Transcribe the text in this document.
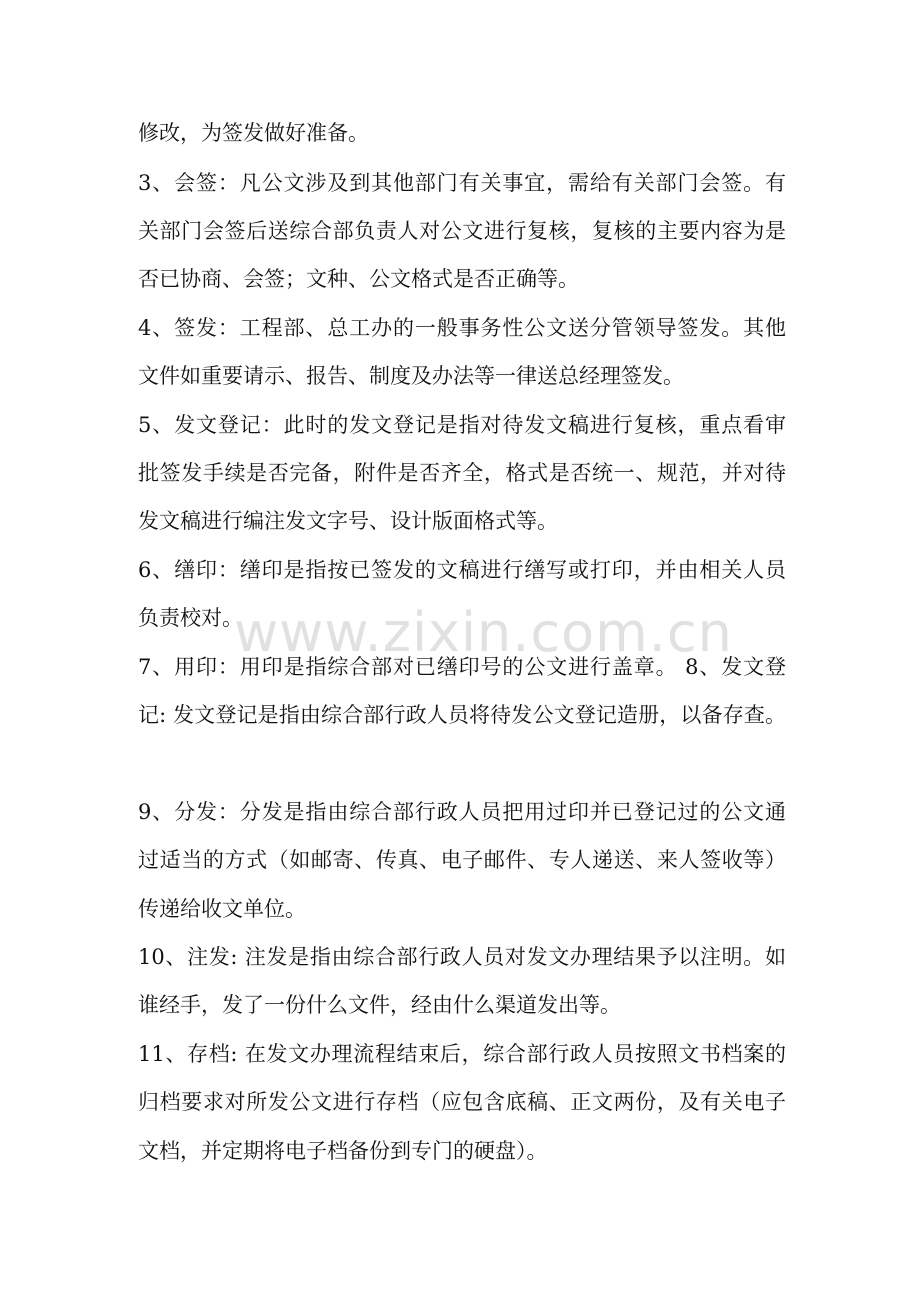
修改，为签发做好准备。
3、会签：凡公文涉及到其他部门有关事宜，需给有关部门会签。有
关部门会签后送综合部负责人对公文进行复核，复核的主要内容为是
否已协商、会签；文种、公文格式是否正确等。
4、签发：工程部、总工办的一般事务性公文送分管领导签发。其他
文件如重要请示、报告、制度及办法等一律送总经理签发。
5、发文登记：此时的发文登记是指对待发文稿进行复核，重点看审
批签发手续是否完备，附件是否齐全，格式是否统一、规范，并对待
发文稿进行编注发文字号、设计版面格式等。
6、缮印：缮印是指按已签发的文稿进行缮写或打印，并由相关人员
负责校对。
7、用印：用印是指综合部对已缮印号的公文进行盖章。 8、发文登
记: 发文登记是指由综合部行政人员将待发公文登记造册，以备存查。
9、分发：分发是指由综合部行政人员把用过印并已登记过的公文通
过适当的方式（如邮寄、传真、电子邮件、专人递送、来人签收等）
传递给收文单位。
10、注发: 注发是指由综合部行政人员对发文办理结果予以注明。如
谁经手，发了一份什么文件，经由什么渠道发出等。
11、存档: 在发文办理流程结束后，综合部行政人员按照文书档案的
归档要求对所发公文进行存档（应包含底稿、正文两份，及有关电子
文档，并定期将电子档备份到专门的硬盘）。
www.zixin.com.cn
